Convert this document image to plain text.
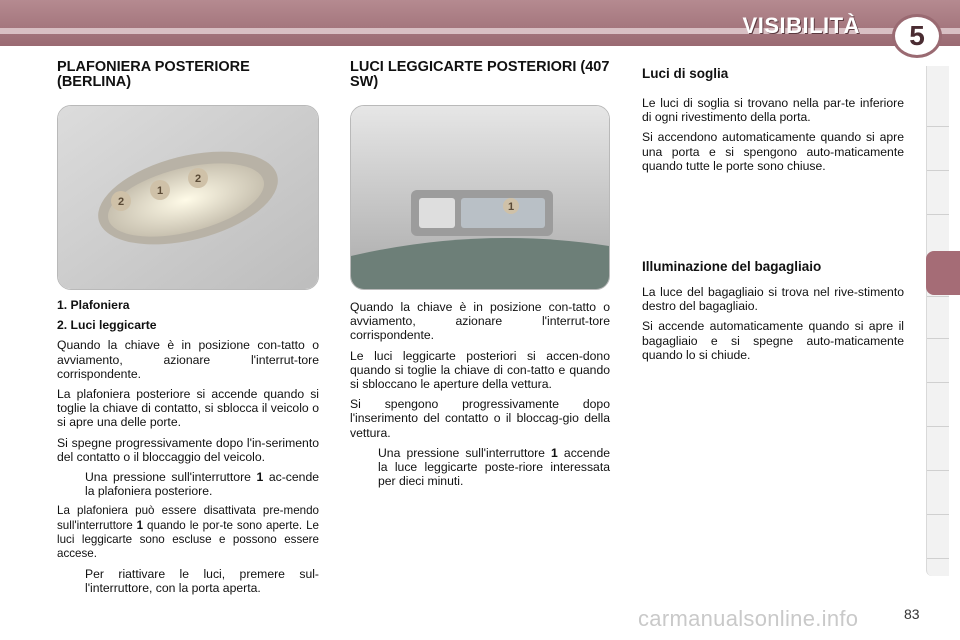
VISIBILITÀ	5
PLAFONIERA POSTERIORE (BERLINA)
2
1
2
1. Plafoniera
2. Luci leggicarte

Quando la chiave è in posizione con-tatto o avviamento, azionare l'interrut-tore corrispondente.

La plafoniera posteriore si accende quando si toglie la chiave di contatto, si sblocca il veicolo o si apre una delle porte.

Si spegne progressivamente dopo l'in-serimento del contatto o il bloccaggio del veicolo.

Una pressione sull'interruttore 1 ac-cende la plafoniera posteriore.

La plafoniera può essere disattivata pre-mendo sull'interruttore 1 quando le por-te sono aperte. Le luci leggicarte sono escluse e possono essere accese.

Per riattivare le luci, premere sul-l'interruttore, con la porta aperta.
LUCI LEGGICARTE POSTERIORI (407 SW)
1

Quando la chiave è in posizione con-tatto o avviamento, azionare l'interrut-tore corrispondente.

Le luci leggicarte posteriori si accen-dono quando si toglie la chiave di con-tatto e quando si sbloccano le aperture della vettura.

Si spengono progressivamente dopo l'inserimento del contatto o il bloccag-gio della vettura.

Una pressione sull'interruttore 1 accende la luce leggicarte poste-riore interessata per dieci minuti.
Luci di soglia

Le luci di soglia si trovano nella par-te inferiore di ogni rivestimento della porta.

Si accendono automaticamente quando si apre una porta e si spengono auto-maticamente quando tutte le porte sono chiuse.

Illuminazione del bagagliaio

La luce del bagagliaio si trova nel rive-stimento destro del bagagliaio.

Si accende automaticamente quando si apre il bagagliaio e si spegne auto-maticamente quando lo si chiude.

carmanualsonline.info	83
